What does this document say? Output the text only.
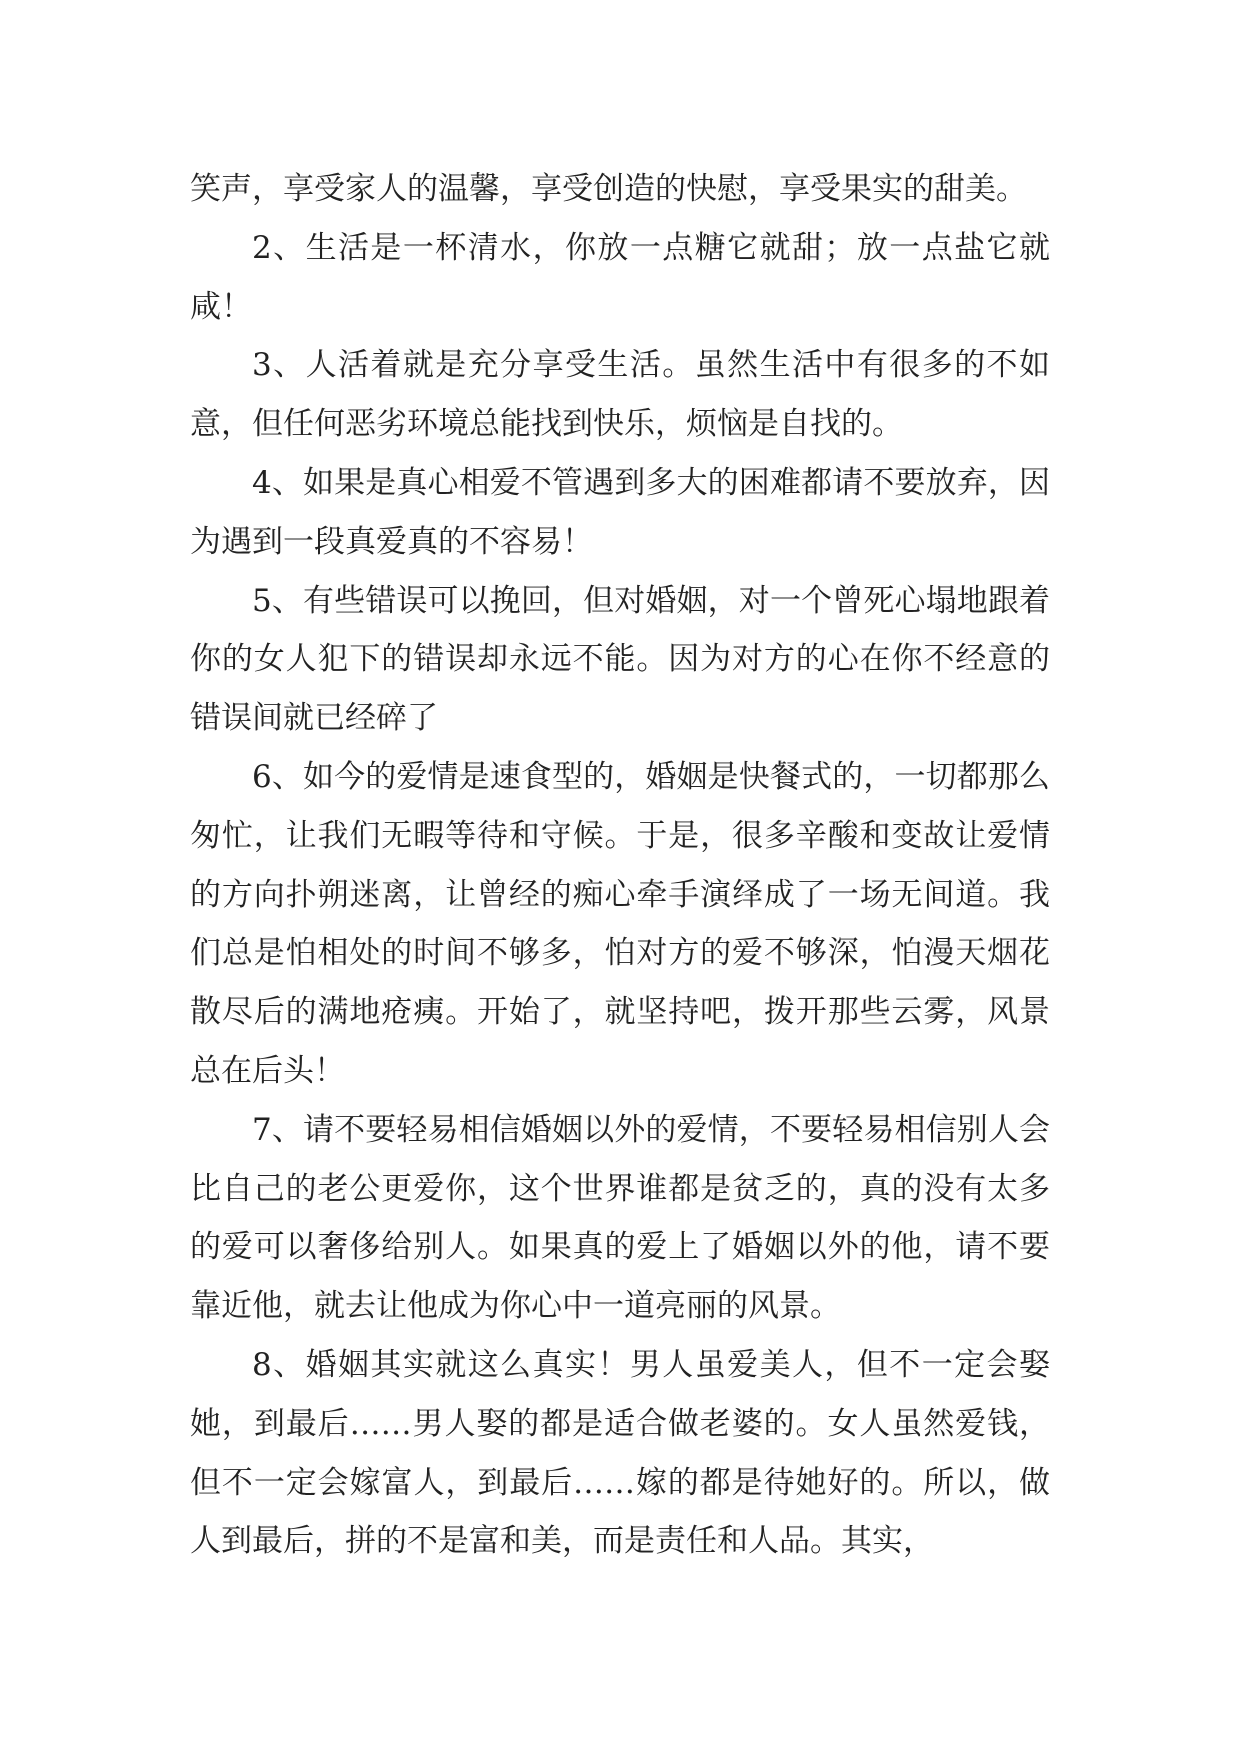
笑声，享受家人的温馨，享受创造的快慰，享受果实的甜美。

2、生活是一杯清水，你放一点糖它就甜；放一点盐它就咸！

3、人活着就是充分享受生活。虽然生活中有很多的不如意，但任何恶劣环境总能找到快乐，烦恼是自找的。

4、如果是真心相爱不管遇到多大的困难都请不要放弃，因为遇到一段真爱真的不容易！

5、有些错误可以挽回，但对婚姻，对一个曾死心塌地跟着你的女人犯下的错误却永远不能。因为对方的心在你不经意的错误间就已经碎了

6、如今的爱情是速食型的，婚姻是快餐式的，一切都那么匆忙，让我们无暇等待和守候。于是，很多辛酸和变故让爱情的方向扑朔迷离，让曾经的痴心牵手演绎成了一场无间道。我们总是怕相处的时间不够多，怕对方的爱不够深，怕漫天烟花散尽后的满地疮痍。开始了，就坚持吧，拨开那些云雾，风景总在后头！

7、请不要轻易相信婚姻以外的爱情，不要轻易相信别人会比自己的老公更爱你，这个世界谁都是贫乏的，真的没有太多的爱可以奢侈给别人。如果真的爱上了婚姻以外的他，请不要靠近他，就去让他成为你心中一道亮丽的风景。

8、婚姻其实就这么真实！男人虽爱美人，但不一定会娶她，到最后……男人娶的都是适合做老婆的。女人虽然爱钱，但不一定会嫁富人，到最后……嫁的都是待她好的。所以，做人到最后，拼的不是富和美，而是责任和人品。其实，
